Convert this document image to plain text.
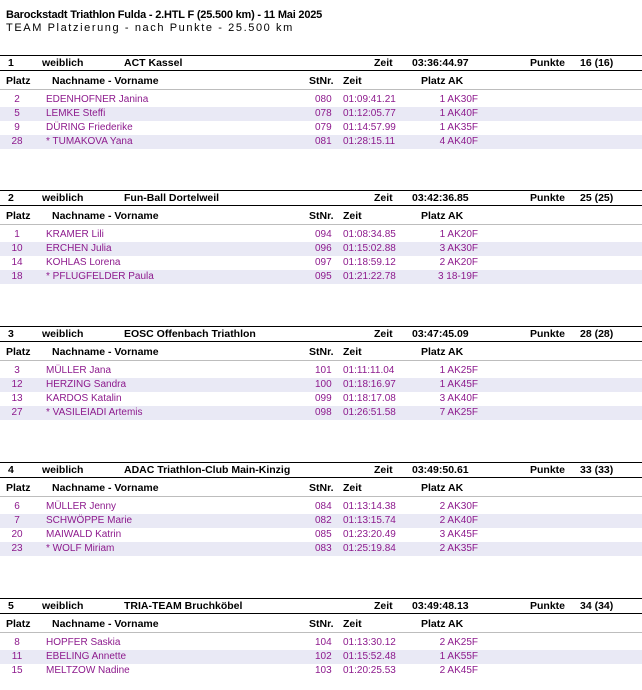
Barockstadt Triathlon Fulda - 2.HTL F (25.500 km) - 11 Mai 2025
TEAM Platzierung - nach Punkte - 25.500 km
1	weiblich	ACT Kassel	Zeit 03:36:44.97	Punkte 16 (16)
Platz Nachname - Vorname	StNr. Zeit	Platz AK
2	EDENHOFNER Janina	080 01:09:41.21	1 AK30F
5	LEMKE Steffi	078 01:12:05.77	1 AK40F
9	DÜRING Friederike	079 01:14:57.99	1 AK35F
28	* TUMAKOVA Yana	081 01:28:15.11	4 AK40F
2	weiblich	Fun-Ball Dortelweil	Zeit 03:42:36.85	Punkte 25 (25)
Platz Nachname - Vorname	StNr. Zeit	Platz AK
1	KRAMER Lili	094 01:08:34.85	1 AK20F
10	ERCHEN Julia	096 01:15:02.88	3 AK30F
14	KOHLAS Lorena	097 01:18:59.12	2 AK20F
18	* PFLUGFELDER Paula	095 01:21:22.78	3 18-19F
3	weiblich	EOSC Offenbach Triathlon	Zeit 03:47:45.09	Punkte 28 (28)
Platz Nachname - Vorname	StNr. Zeit	Platz AK
3	MÜLLER Jana	101 01:11:11.04	1 AK25F
12	HERZING Sandra	100 01:18:16.97	1 AK45F
13	KARDOS Katalin	099 01:18:17.08	3 AK40F
27	* VASILEIADI Artemis	098 01:26:51.58	7 AK25F
4	weiblich	ADAC Triathlon-Club Main-Kinzig	Zeit 03:49:50.61	Punkte 33 (33)
Platz Nachname - Vorname	StNr. Zeit	Platz AK
6	MÜLLER Jenny	084 01:13:14.38	2 AK30F
7	SCHWÖPPE Marie	082 01:13:15.74	2 AK40F
20	MAIWALD Katrin	085 01:23:20.49	3 AK45F
23	* WOLF Miriam	083 01:25:19.84	2 AK35F
5	weiblich	TRIA-TEAM Bruchköbel	Zeit 03:49:48.13	Punkte 34 (34)
Platz Nachname - Vorname	StNr. Zeit	Platz AK
8	HOPFER Saskia	104 01:13:30.12	2 AK25F
11	EBELING Annette	102 01:15:52.48	1 AK55F
15	MELTZOW Nadine	103 01:20:25.53	2 AK45F
